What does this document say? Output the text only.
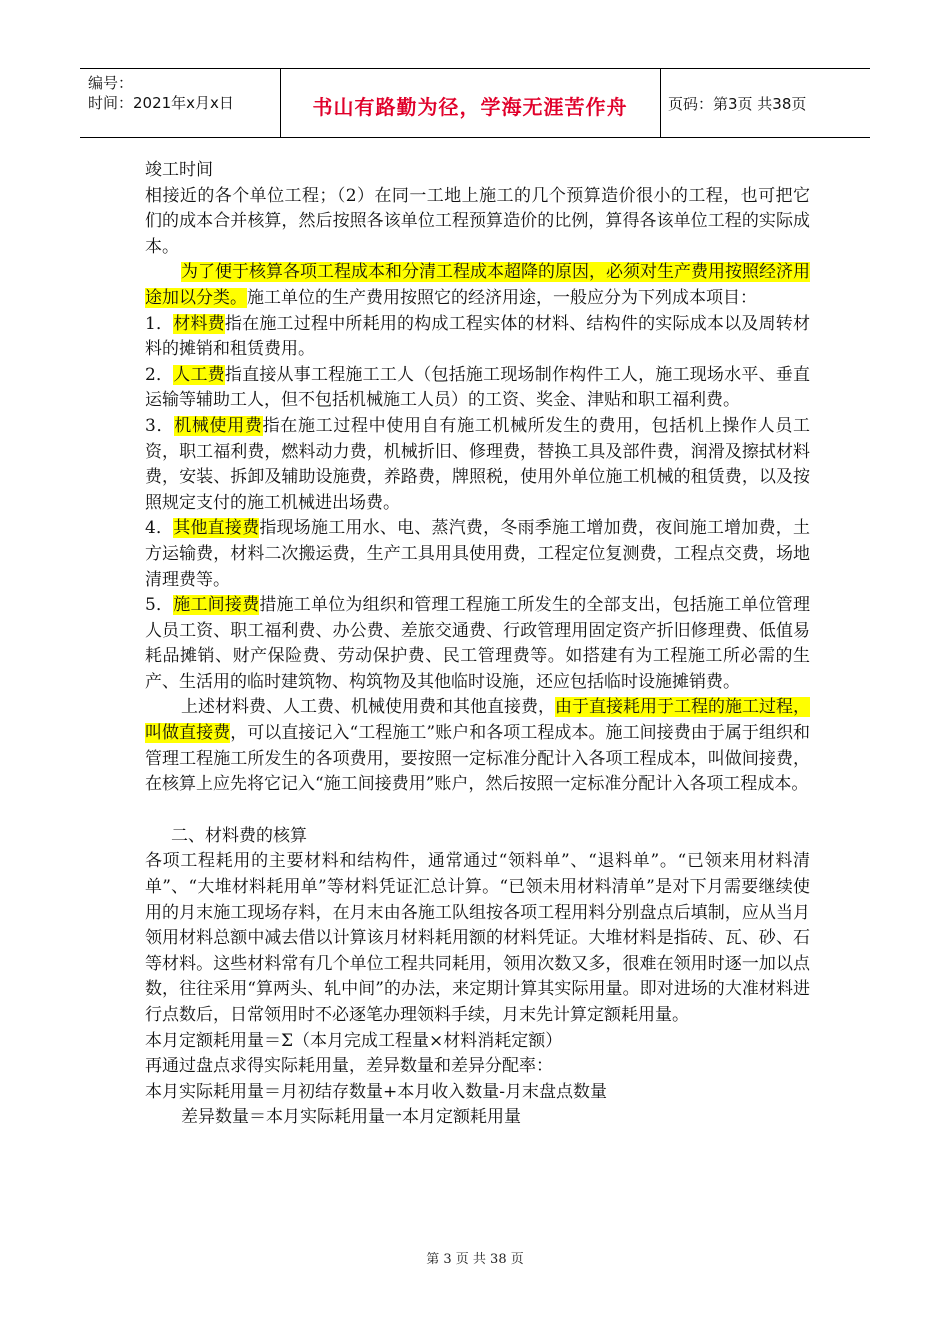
编号：
时间：2021年x月x日	书山有路勤为径，学海无涯苦作舟	页码：第3页 共38页

竣工时间

相接近的各个单位工程；（2）在同一工地上施工的几个预算造价很小的工程，也可把它们的成本合并核算，然后按照各该单位工程预算造价的比例，算得各该单位工程的实际成本。

为了便于核算各项工程成本和分清工程成本超降的原因，必须对生产费用按照经济用途加以分类。施工单位的生产费用按照它的经济用途，一般应分为下列成本项目：

1．材料费指在施工过程中所耗用的构成工程实体的材料、结构件的实际成本以及周转材料的摊销和租赁费用。

2．人工费指直接从事工程施工工人（包括施工现场制作构件工人，施工现场水平、垂直运输等辅助工人，但不包括机械施工人员）的工资、奖金、津贴和职工福利费。

3．机械使用费指在施工过程中使用自有施工机械所发生的费用，包括机上操作人员工资，职工福利费，燃料动力费，机械折旧、修理费，替换工具及部件费，润滑及擦拭材料费，安装、拆卸及辅助设施费，养路费，牌照税，使用外单位施工机械的租赁费，以及按照规定支付的施工机械进出场费。

4．其他直接费指现场施工用水、电、蒸汽费，冬雨季施工增加费，夜间施工增加费，土方运输费，材料二次搬运费，生产工具用具使用费，工程定位复测费，工程点交费，场地清理费等。

5．施工间接费措施工单位为组织和管理工程施工所发生的全部支出，包括施工单位管理人员工资、职工福利费、办公费、差旅交通费、行政管理用固定资产折旧修理费、低值易耗品摊销、财产保险费、劳动保护费、民工管理费等。如搭建有为工程施工所必需的生产、生活用的临时建筑物、构筑物及其他临时设施，还应包括临时设施摊销费。

上述材料费、人工费、机械使用费和其他直接费，由于直接耗用于工程的施工过程，叫做直接费，可以直接记入“工程施工”账户和各项工程成本。施工间接费由于属于组织和管理工程施工所发生的各项费用，要按照一定标准分配计入各项工程成本，叫做间接费，在核算上应先将它记入“施工间接费用”账户，然后按照一定标准分配计入各项工程成本。

二、材料费的核算

各项工程耗用的主要材料和结构件，通常通过“领料单”、“退料单”。“已领来用材料清单”、“大堆材料耗用单”等材料凭证汇总计算。“已领未用材料清单”是对下月需要继续使用的月末施工现场存料，在月末由各施工队组按各项工程用料分别盘点后填制，应从当月领用材料总额中减去借以计算该月材料耗用额的材料凭证。大堆材料是指砖、瓦、砂、石等材料。这些材料常有几个单位工程共同耗用，领用次数又多，很难在领用时逐一加以点数，往往采用“算两头、轧中间”的办法，来定期计算其实际用量。即对进场的大准材料进行点数后，日常领用时不必逐笔办理领料手续，月末先计算定额耗用量。

本月定额耗用量＝Σ（本月完成工程量×材料消耗定额）

再通过盘点求得实际耗用量，差异数量和差异分配率：

本月实际耗用量＝月初结存数量+本月收入数量-月末盘点数量

差异数量＝本月实际耗用量一本月定额耗用量

第 3 页 共 38 页
